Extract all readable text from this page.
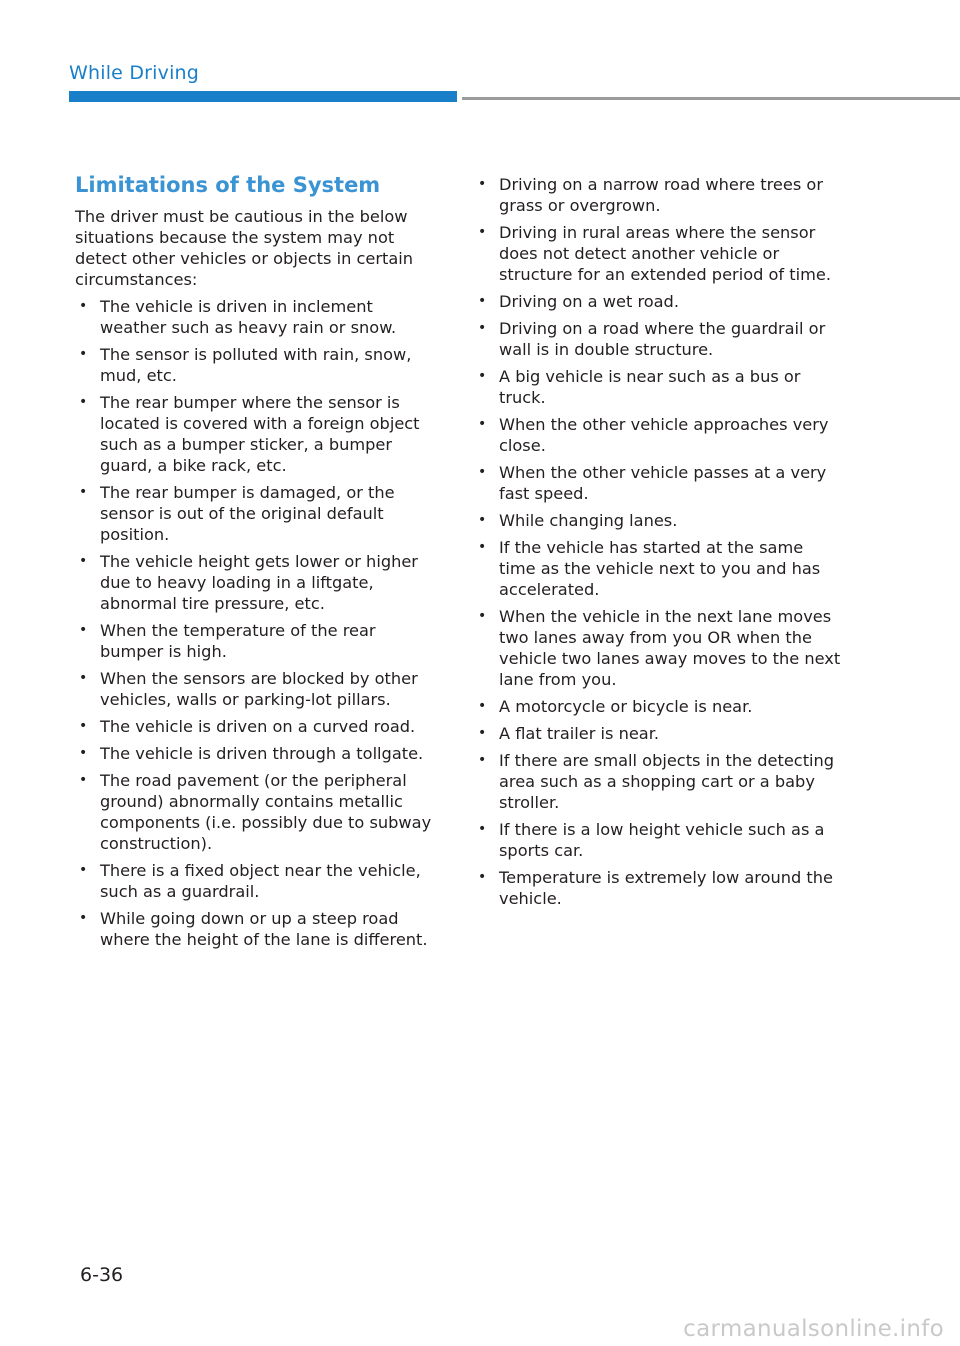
While Driving
Limitations of the System

The driver must be cautious in the below situations because the system may not detect other vehicles or objects in certain circumstances:

• The vehicle is driven in inclement weather such as heavy rain or snow.
• The sensor is polluted with rain, snow, mud, etc.
• The rear bumper where the sensor is located is covered with a foreign object such as a bumper sticker, a bumper guard, a bike rack, etc.
• The rear bumper is damaged, or the sensor is out of the original default position.
• The vehicle height gets lower or higher due to heavy loading in a liftgate, abnormal tire pressure, etc.
• When the temperature of the rear bumper is high.
• When the sensors are blocked by other vehicles, walls or parking-lot pillars.
• The vehicle is driven on a curved road.
• The vehicle is driven through a tollgate.
• The road pavement (or the peripheral ground) abnormally contains metallic components (i.e. possibly due to subway construction).
• There is a fixed object near the vehicle, such as a guardrail.
• While going down or up a steep road where the height of the lane is different.
• Driving on a narrow road where trees or grass or overgrown.
• Driving in rural areas where the sensor does not detect another vehicle or structure for an extended period of time.
• Driving on a wet road.
• Driving on a road where the guardrail or wall is in double structure.
• A big vehicle is near such as a bus or truck.
• When the other vehicle approaches very close.
• When the other vehicle passes at a very fast speed.
• While changing lanes.
• If the vehicle has started at the same time as the vehicle next to you and has accelerated.
• When the vehicle in the next lane moves two lanes away from you OR when the vehicle two lanes away moves to the next lane from you.
• A motorcycle or bicycle is near.
• A flat trailer is near.
• If there are small objects in the detecting area such as a shopping cart or a baby stroller.
• If there is a low height vehicle such as a sports car.
• Temperature is extremely low around the vehicle.
6-36
carmanualsonline.info
